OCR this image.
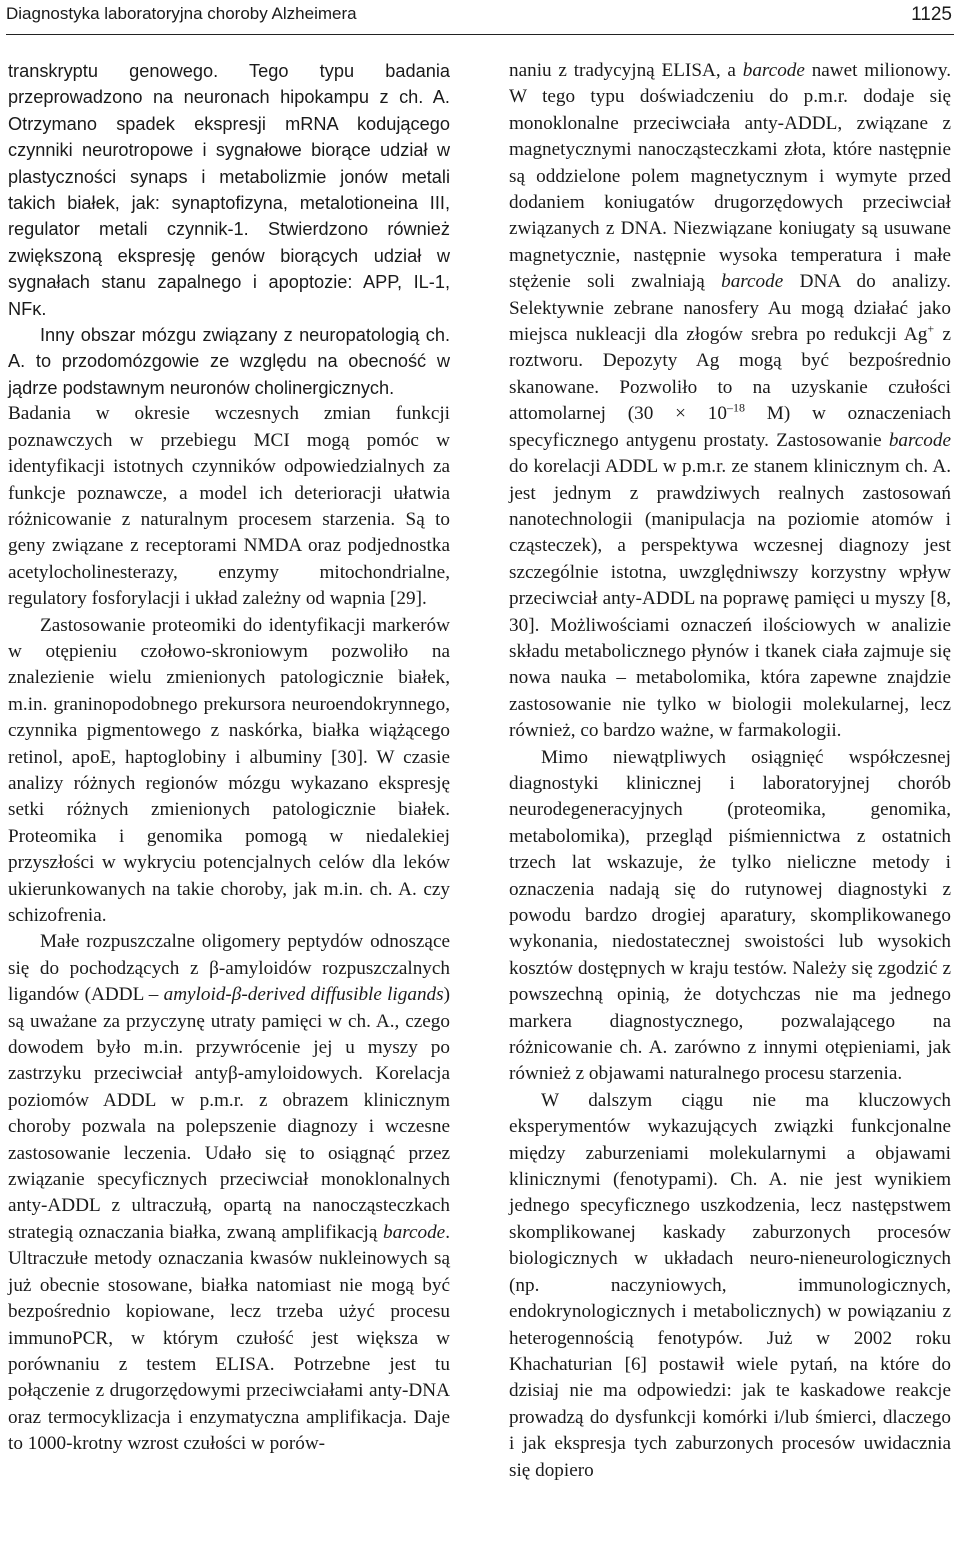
Diagnostyka laboratoryjna choroby Alzheimera	1125

transkryptu genowego. Tego typu badania przeprowadzono na neuronach hipokampu z ch. A. Otrzymano spadek ekspresji mRNA kodującego czynniki neurotropowe i sygnałowe biorące udział w plastyczności synaps i metabolizmie jonów metali takich białek, jak: synaptofizyna, metalotioneina III, regulator metali czynnik-1. Stwierdzono również zwiększoną ekspresję genów biorących udział w sygnałach stanu zapalnego i apoptozie: APP, IL-1, NFκ.

Inny obszar mózgu związany z neuropatologią ch. A. to przodomózgowie ze względu na obecność w jądrze podstawnym neuronów cholinergicznych.

Badania w okresie wczesnych zmian funkcji poznawczych w przebiegu MCI mogą pomóc w identyfikacji istotnych czynników odpowiedzialnych za funkcje poznawcze, a model ich deterioracji ułatwia różnicowanie z naturalnym procesem starzenia. Są to geny związane z receptorami NMDA oraz podjednostka acetylocholinesterazy, enzymy mitochondrialne, regulatory fosforylacji i układ zależny od wapnia [29].

Zastosowanie proteomiki do identyfikacji markerów w otępieniu czołowo-skroniowym pozwoliło na znalezienie wielu zmienionych patologicznie białek, m.in. graninopodobnego prekursora neuroendokrynnego, czynnika pigmentowego z naskórka, białka wiążącego retinol, apoE, haptoglobiny i albuminy [30]. W czasie analizy różnych regionów mózgu wykazano ekspresję setki różnych zmienionych patologicznie białek. Proteomika i genomika pomogą w niedalekiej przyszłości w wykryciu potencjalnych celów dla leków ukierunkowanych na takie choroby, jak m.in. ch. A. czy schizofrenia.

Małe rozpuszczalne oligomery peptydów odnoszące się do pochodzących z β-amyloidów rozpuszczalnych ligandów (ADDL – amyloid-β-derived diffusible ligands) są uważane za przyczynę utraty pamięci w ch. A., czego dowodem było m.in. przywrócenie jej u myszy po zastrzyku przeciwciał antyβ-amyloidowych. Korelacja poziomów ADDL w p.m.r. z obrazem klinicznym choroby pozwala na polepszenie diagnozy i wczesne zastosowanie leczenia. Udało się to osiągnąć przez związanie specyficznych przeciwciał monoklonalnych anty-ADDL z ultraczułą, opartą na nanocząsteczkach strategią oznaczania białka, zwaną amplifikacją barcode. Ultraczułe metody oznaczania kwasów nukleinowych są już obecnie stosowane, białka natomiast nie mogą być bezpośrednio kopiowane, lecz trzeba użyć procesu immunoPCR, w którym czułość jest większa w porównaniu z testem ELISA. Potrzebne jest tu połączenie z drugorzędowymi przeciwciałami anty-DNA oraz termocyklizacja i enzymatyczna amplifikacja. Daje to 1000-krotny wzrost czułości w porów-

naniu z tradycyjną ELISA, a barcode nawet milionowy. W tego typu doświadczeniu do p.m.r. dodaje się monoklonalne przeciwciała anty-ADDL, związane z magnetycznymi nanocząsteczkami złota, które następnie są oddzielone polem magnetycznym i wymyte przed dodaniem koniugatów drugorzędowych przeciwciał związanych z DNA. Niezwiązane koniugaty są usuwane magnetycznie, następnie wysoka temperatura i małe stężenie soli zwalniają barcode DNA do analizy. Selektywnie zebrane nanosfery Au mogą działać jako miejsca nukleacji dla złogów srebra po redukcji Ag+ z roztworu. Depozyty Ag mogą być bezpośrednio skanowane. Pozwoliło to na uzyskanie czułości attomolarnej ($30 \times 10^{-18}$ M) w oznaczeniach specyficznego antygenu prostaty. Zastosowanie barcode do korelacji ADDL w p.m.r. ze stanem klinicznym ch. A. jest jednym z prawdziwych realnych zastosowań nanotechnologii (manipulacja na poziomie atomów i cząsteczek), a perspektywa wczesnej diagnozy jest szczególnie istotna, uwzględniwszy korzystny wpływ przeciwciał anty-ADDL na poprawę pamięci u myszy [8, 30]. Możliwościami oznaczeń ilościowych w analizie składu metabolicznego płynów i tkanek ciała zajmuje się nowa nauka – metabolomika, która zapewne znajdzie zastosowanie nie tylko w biologii molekularnej, lecz również, co bardzo ważne, w farmakologii.

Mimo niewątpliwych osiągnięć współczesnej diagnostyki klinicznej i laboratoryjnej chorób neurodegeneracyjnych (proteomika, genomika, metabolomika), przegląd piśmiennictwa z ostatnich trzech lat wskazuje, że tylko nieliczne metody i oznaczenia nadają się do rutynowej diagnostyki z powodu bardzo drogiej aparatury, skomplikowanego wykonania, niedostatecznej swoistości lub wysokich kosztów dostępnych w kraju testów. Należy się zgodzić z powszechną opinią, że dotychczas nie ma jednego markera diagnostycznego, pozwalającego na różnicowanie ch. A. zarówno z innymi otępieniami, jak również z objawami naturalnego procesu starzenia.

W dalszym ciągu nie ma kluczowych eksperymentów wykazujących związki funkcjonalne między zaburzeniami molekularnymi a objawami klinicznymi (fenotypami). Ch. A. nie jest wynikiem jednego specyficznego uszkodzenia, lecz następstwem skomplikowanej kaskady zaburzonych procesów biologicznych w układach neuro-nieneurologicznych (np. naczyniowych, immunologicznych, endokrynologicznych i metabolicznych) w powiązaniu z heterogennością fenotypów. Już w 2002 roku Khachaturian [6] postawił wiele pytań, na które do dzisiaj nie ma odpowiedzi: jak te kaskadowe reakcje prowadzą do dysfunkcji komórki i/lub śmierci, dlaczego i jak ekspresja tych zaburzonych procesów uwidacznia się dopiero
